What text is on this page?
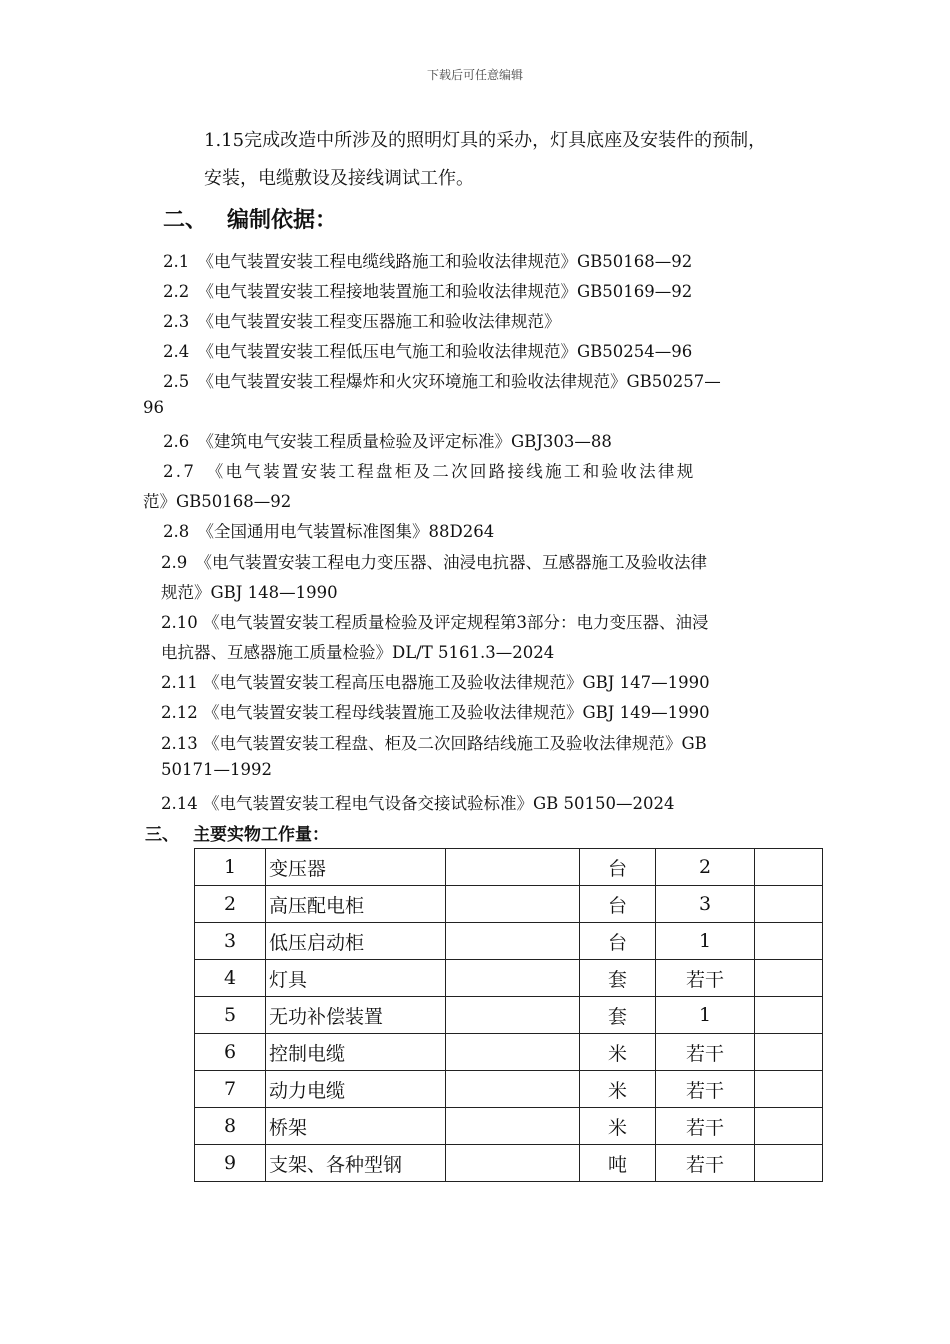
下载后可任意编辑
1.15完成改造中所涉及的照明灯具的采办，灯具底座及安装件的预制，
安装，电缆敷设及接线调试工作。
二、 编制依据：
2.1　《电气装置安装工程电缆线路施工和验收法律规范》GB50168—92
2.2　《电气装置安装工程接地装置施工和验收法律规范》GB50169—92
2.3　《电气装置安装工程变压器施工和验收法律规范》
2.4　《电气装置安装工程低压电气施工和验收法律规范》GB50254—96
2.5　《电气装置安装工程爆炸和火灾环境施工和验收法律规范》GB50257—
96
2.6　《建筑电气安装工程质量检验及评定标准》GBJ303—88
2.7　《电气装置安装工程盘柜及二次回路接线施工和验收法律规
范》GB50168—92
2.8　《全国通用电气装置标准图集》88D264
2.9　《电气装置安装工程电力变压器、油浸电抗器、互感器施工及验收法律
规范》GBJ 148—1990
2.10 《电气装置安装工程质量检验及评定规程第3部分：电力变压器、油浸
电抗器、互感器施工质量检验》DL/T 5161.3—2024
2.11 《电气装置安装工程高压电器施工及验收法律规范》GBJ 147—1990
2.12 《电气装置安装工程母线装置施工及验收法律规范》GBJ 149—1990
2.13 《电气装置安装工程盘、柜及二次回路结线施工及验收法律规范》GB
50171—1992
2.14 《电气装置安装工程电气设备交接试验标准》GB 50150—2024
三、 主要实物工作量：
1	变压器		台	2	
2	高压配电柜		台	3	
3	低压启动柜		台	1	
4	灯具		套	若干	
5	无功补偿装置		套	1	
6	控制电缆		米	若干	
7	动力电缆		米	若干	
8	桥架		米	若干	
9	支架、各种型钢		吨	若干	
